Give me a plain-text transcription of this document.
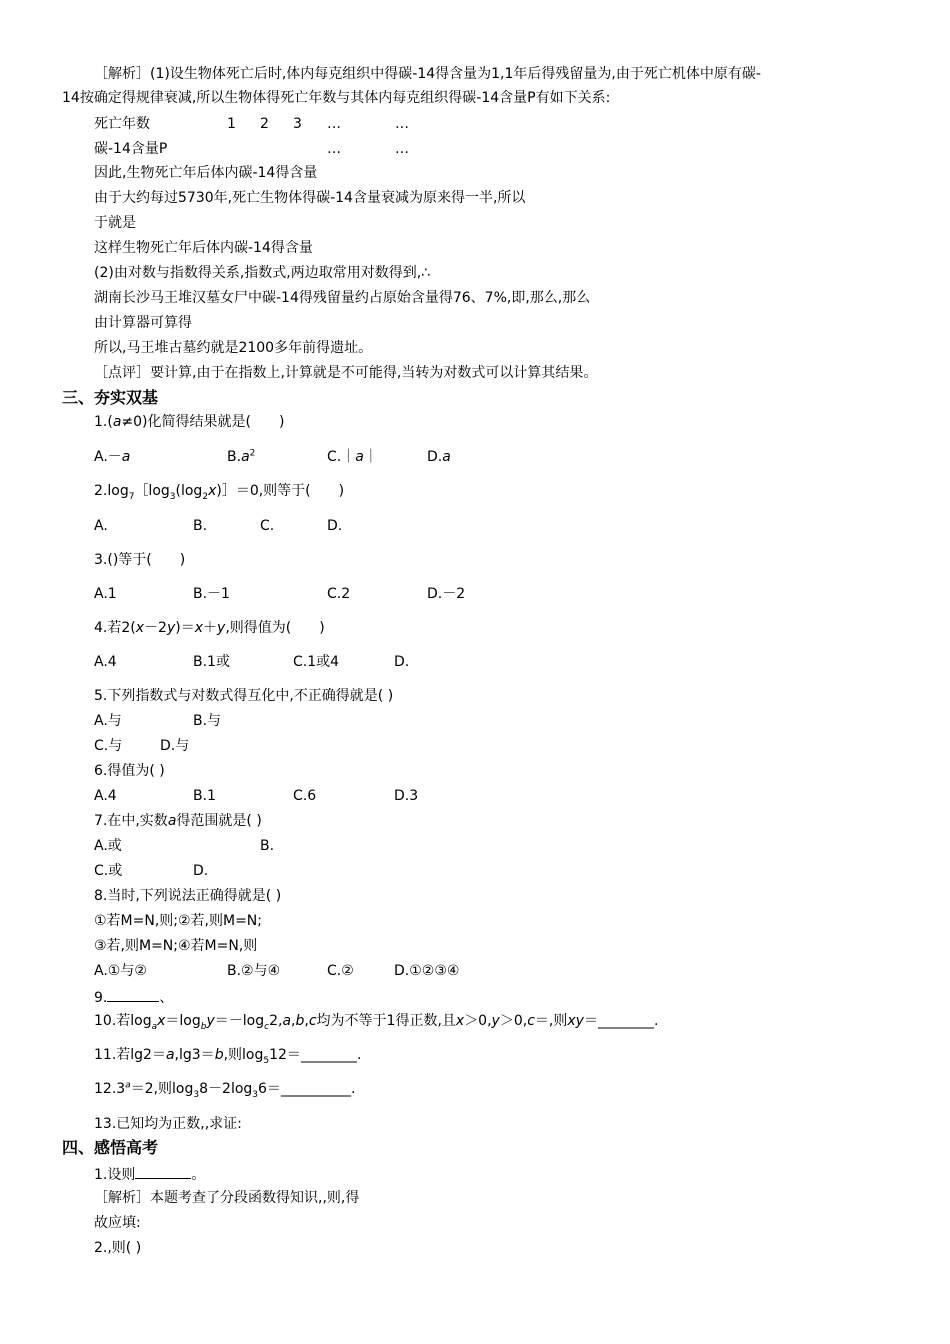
［解析］(1)设生物体死亡后时,体内每克组织中得碳-14得含量为1,1年后得残留量为,由于死亡机体中原有碳-
14按确定得规律衰减,所以生物体得死亡年数与其体内每克组织得碳-14含量P有如下关系:
死亡年数	1 2 3 …	…
碳-14含量P	…	…
因此,生物死亡年后体内碳-14得含量
由于大约每过5730年,死亡生物体得碳-14含量衰减为原来得一半,所以
于就是
这样生物死亡年后体内碳-14得含量
(2)由对数与指数得关系,指数式,两边取常用对数得到,∴
湖南长沙马王堆汉墓女尸中碳-14得残留量约占原始含量得76、7%,即,那么,那么
由计算器可算得
所以,马王堆古墓约就是2100多年前得遗址。
［点评］要计算,由于在指数上,计算就是不可能得,当转为对数式可以计算其结果。
三、夯实双基
1.(a≠0)化简得结果就是(　　)
A.－a	$B.a^2$	C.｜a｜	D.a
$2.\log_7[\log_3(\log_2x)]=0$,则等于(　　)
A.	B.	C.	D.
3.()等于(　　)
A.1	B.－1	C.2	D.－2
4.若2(x－2y)＝x＋y,则得值为(　　)
A.4	B.1或	C.1或4	D.
5.下列指数式与对数式得互化中,不正确得就是( )
A.与	B.与
C.与	D.与
6.得值为( )
A.4	B.1	C.6	D.3
7.在中,实数a得范围就是( )
A.或	B.
C.或	D.
8.当时,下列说法正确得就是( )
①若M=N,则;②若,则M=N;
③若,则M=N;④若M=N,则
A.①与②	B.②与④	C.②	D.①②③④
9.	、
10.若$\log_ax=\log_by=-\log_c2,a,b,c$均为不等于1得正数,且x＞0,y＞0,c＝,则xy＝________.
11.若lg2＝a,lg3＝b,则$\log_512=\_\_\_\_\_\_\_\_$.
12.3$^a$＝2,则$\log_38-2\log_36=\_\_\_\_\_\_\_\_\_\_$.
13.已知均为正数,,求证:
四、感悟高考
1.设则	。
［解析］本题考查了分段函数得知识,,则,得
故应填:
2.,则( )
